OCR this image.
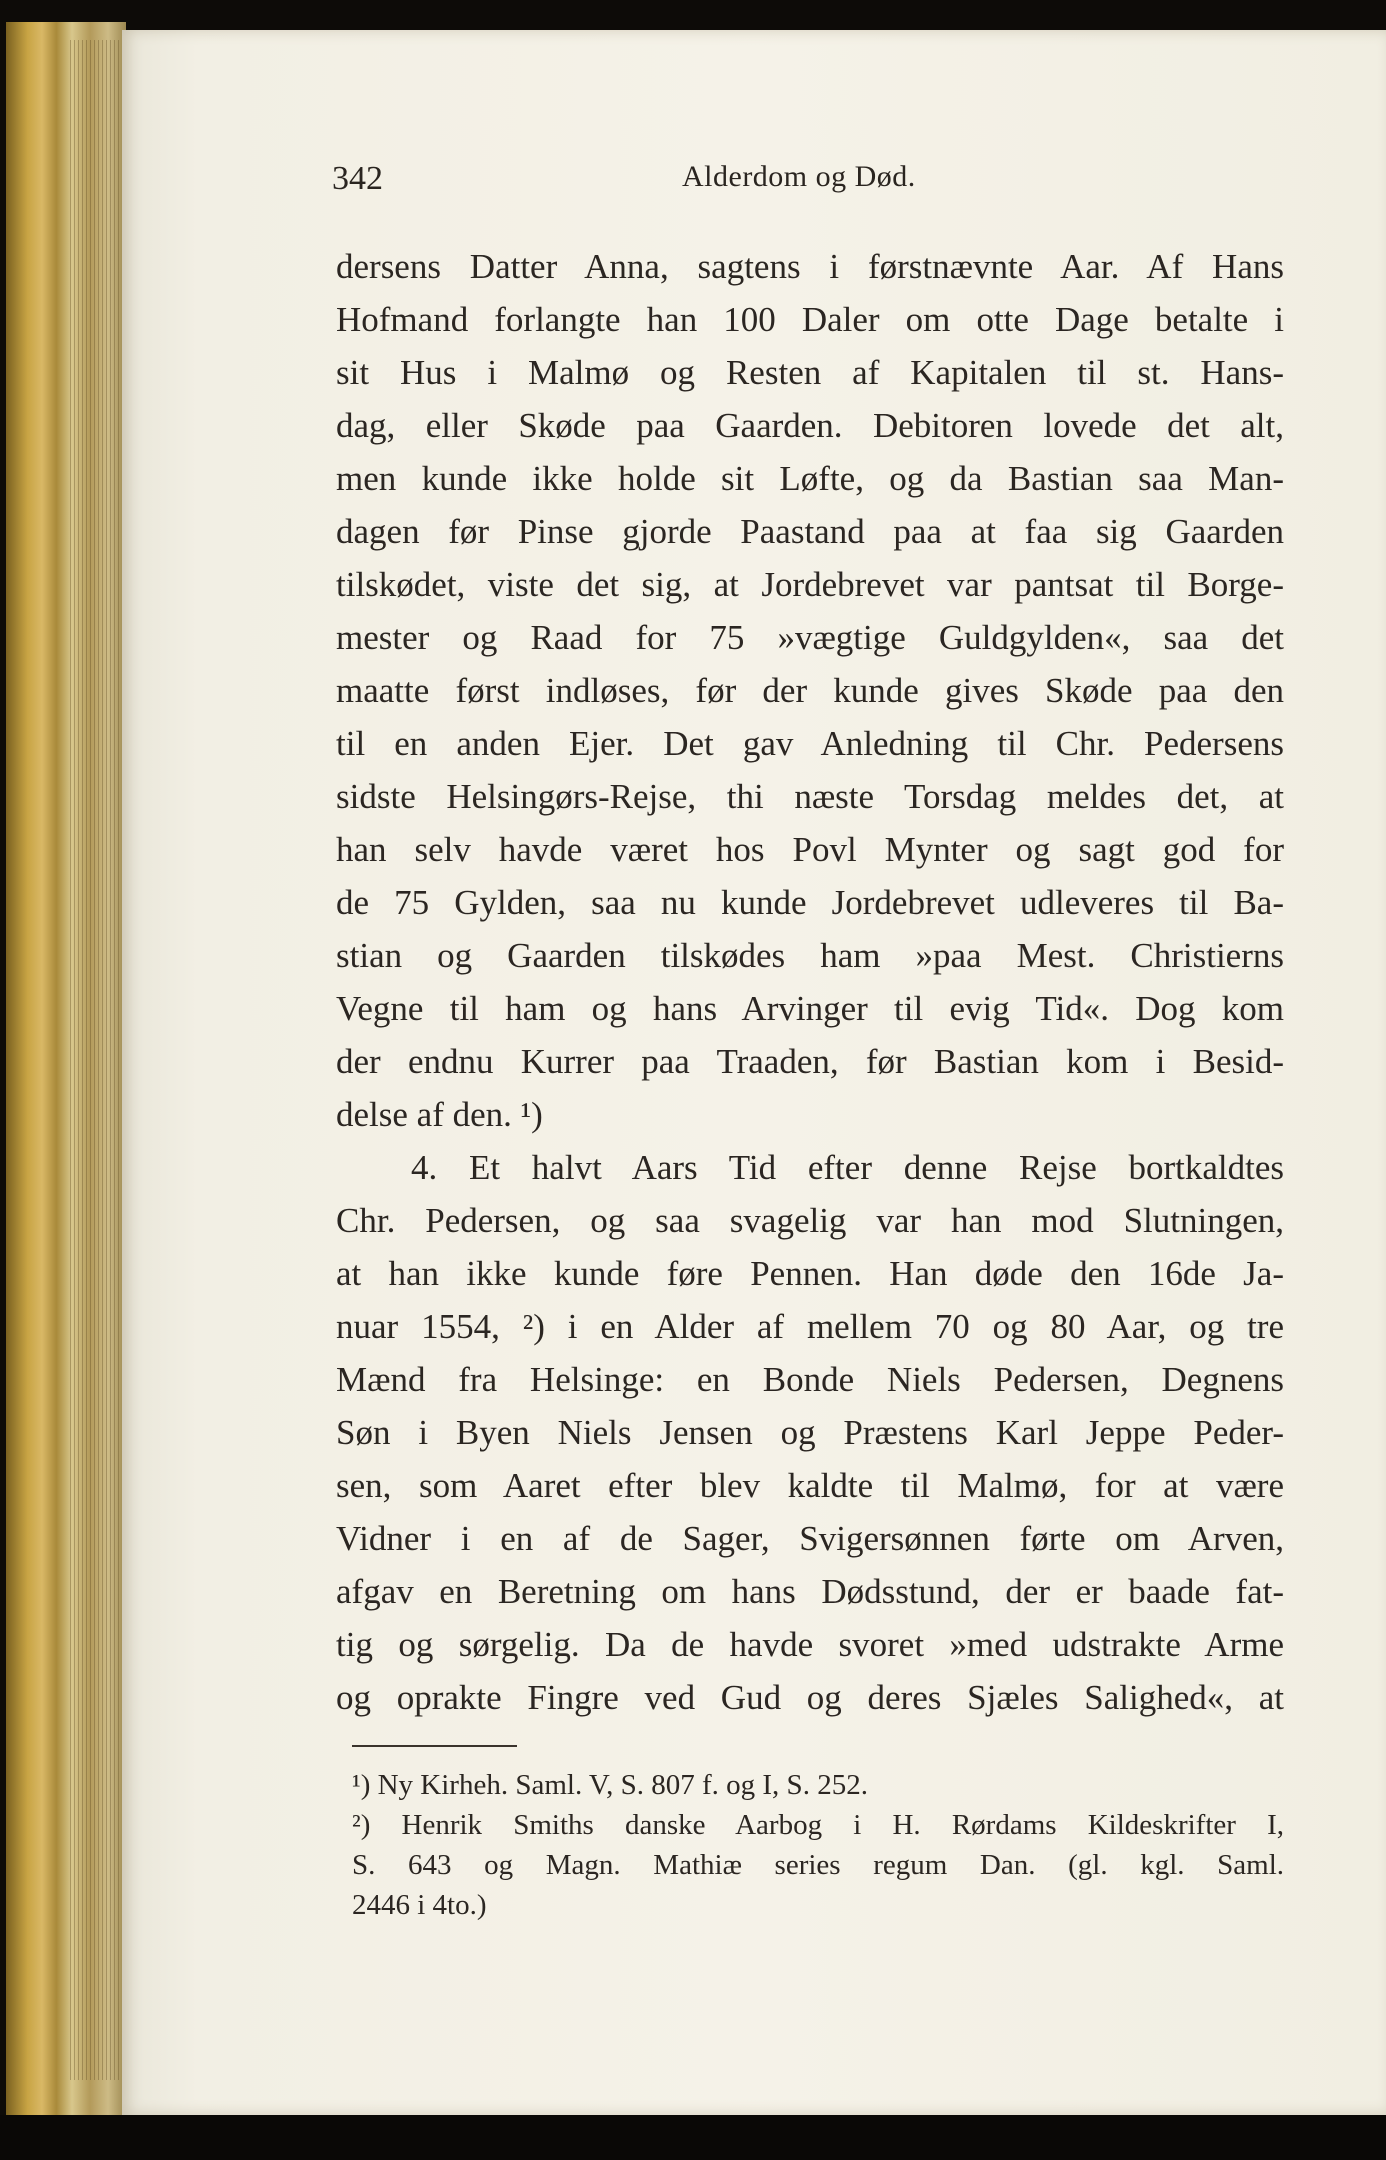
342	Alderdom og Død.
dersens Datter Anna, sagtens i førstnævnte Aar. Af Hans
Hofmand forlangte han 100 Daler om otte Dage betalte i
sit Hus i Malmø og Resten af Kapitalen til st. Hans-
dag, eller Skøde paa Gaarden. Debitoren lovede det alt,
men kunde ikke holde sit Løfte, og da Bastian saa Man-
dagen før Pinse gjorde Paastand paa at faa sig Gaarden
tilskødet, viste det sig, at Jordebrevet var pantsat til Borge-
mester og Raad for 75 »vægtige Guldgylden«, saa det
maatte først indløses, før der kunde gives Skøde paa den
til en anden Ejer. Det gav Anledning til Chr. Pedersens
sidste Helsingørs-Rejse, thi næste Torsdag meldes det, at
han selv havde været hos Povl Mynter og sagt god for
de 75 Gylden, saa nu kunde Jordebrevet udleveres til Ba-
stian og Gaarden tilskødes ham »paa Mest. Christierns
Vegne til ham og hans Arvinger til evig Tid«. Dog kom
der endnu Kurrer paa Traaden, før Bastian kom i Besid-
delse af den. ¹)
4. Et halvt Aars Tid efter denne Rejse bortkaldtes
Chr. Pedersen, og saa svagelig var han mod Slutningen,
at han ikke kunde føre Pennen. Han døde den 16de Ja-
nuar 1554, ²) i en Alder af mellem 70 og 80 Aar, og tre
Mænd fra Helsinge: en Bonde Niels Pedersen, Degnens
Søn i Byen Niels Jensen og Præstens Karl Jeppe Peder-
sen, som Aaret efter blev kaldte til Malmø, for at være
Vidner i en af de Sager, Svigersønnen førte om Arven,
afgav en Beretning om hans Dødsstund, der er baade fat-
tig og sørgelig. Da de havde svoret »med udstrakte Arme
og oprakte Fingre ved Gud og deres Sjæles Salighed«, at
¹) Ny Kirheh. Saml. V, S. 807 f. og I, S. 252.
²) Henrik Smiths danske Aarbog i H. Rørdams Kildeskrifter I,
S. 643 og Magn. Mathiæ series regum Dan. (gl. kgl. Saml.
2446 i 4to.)
